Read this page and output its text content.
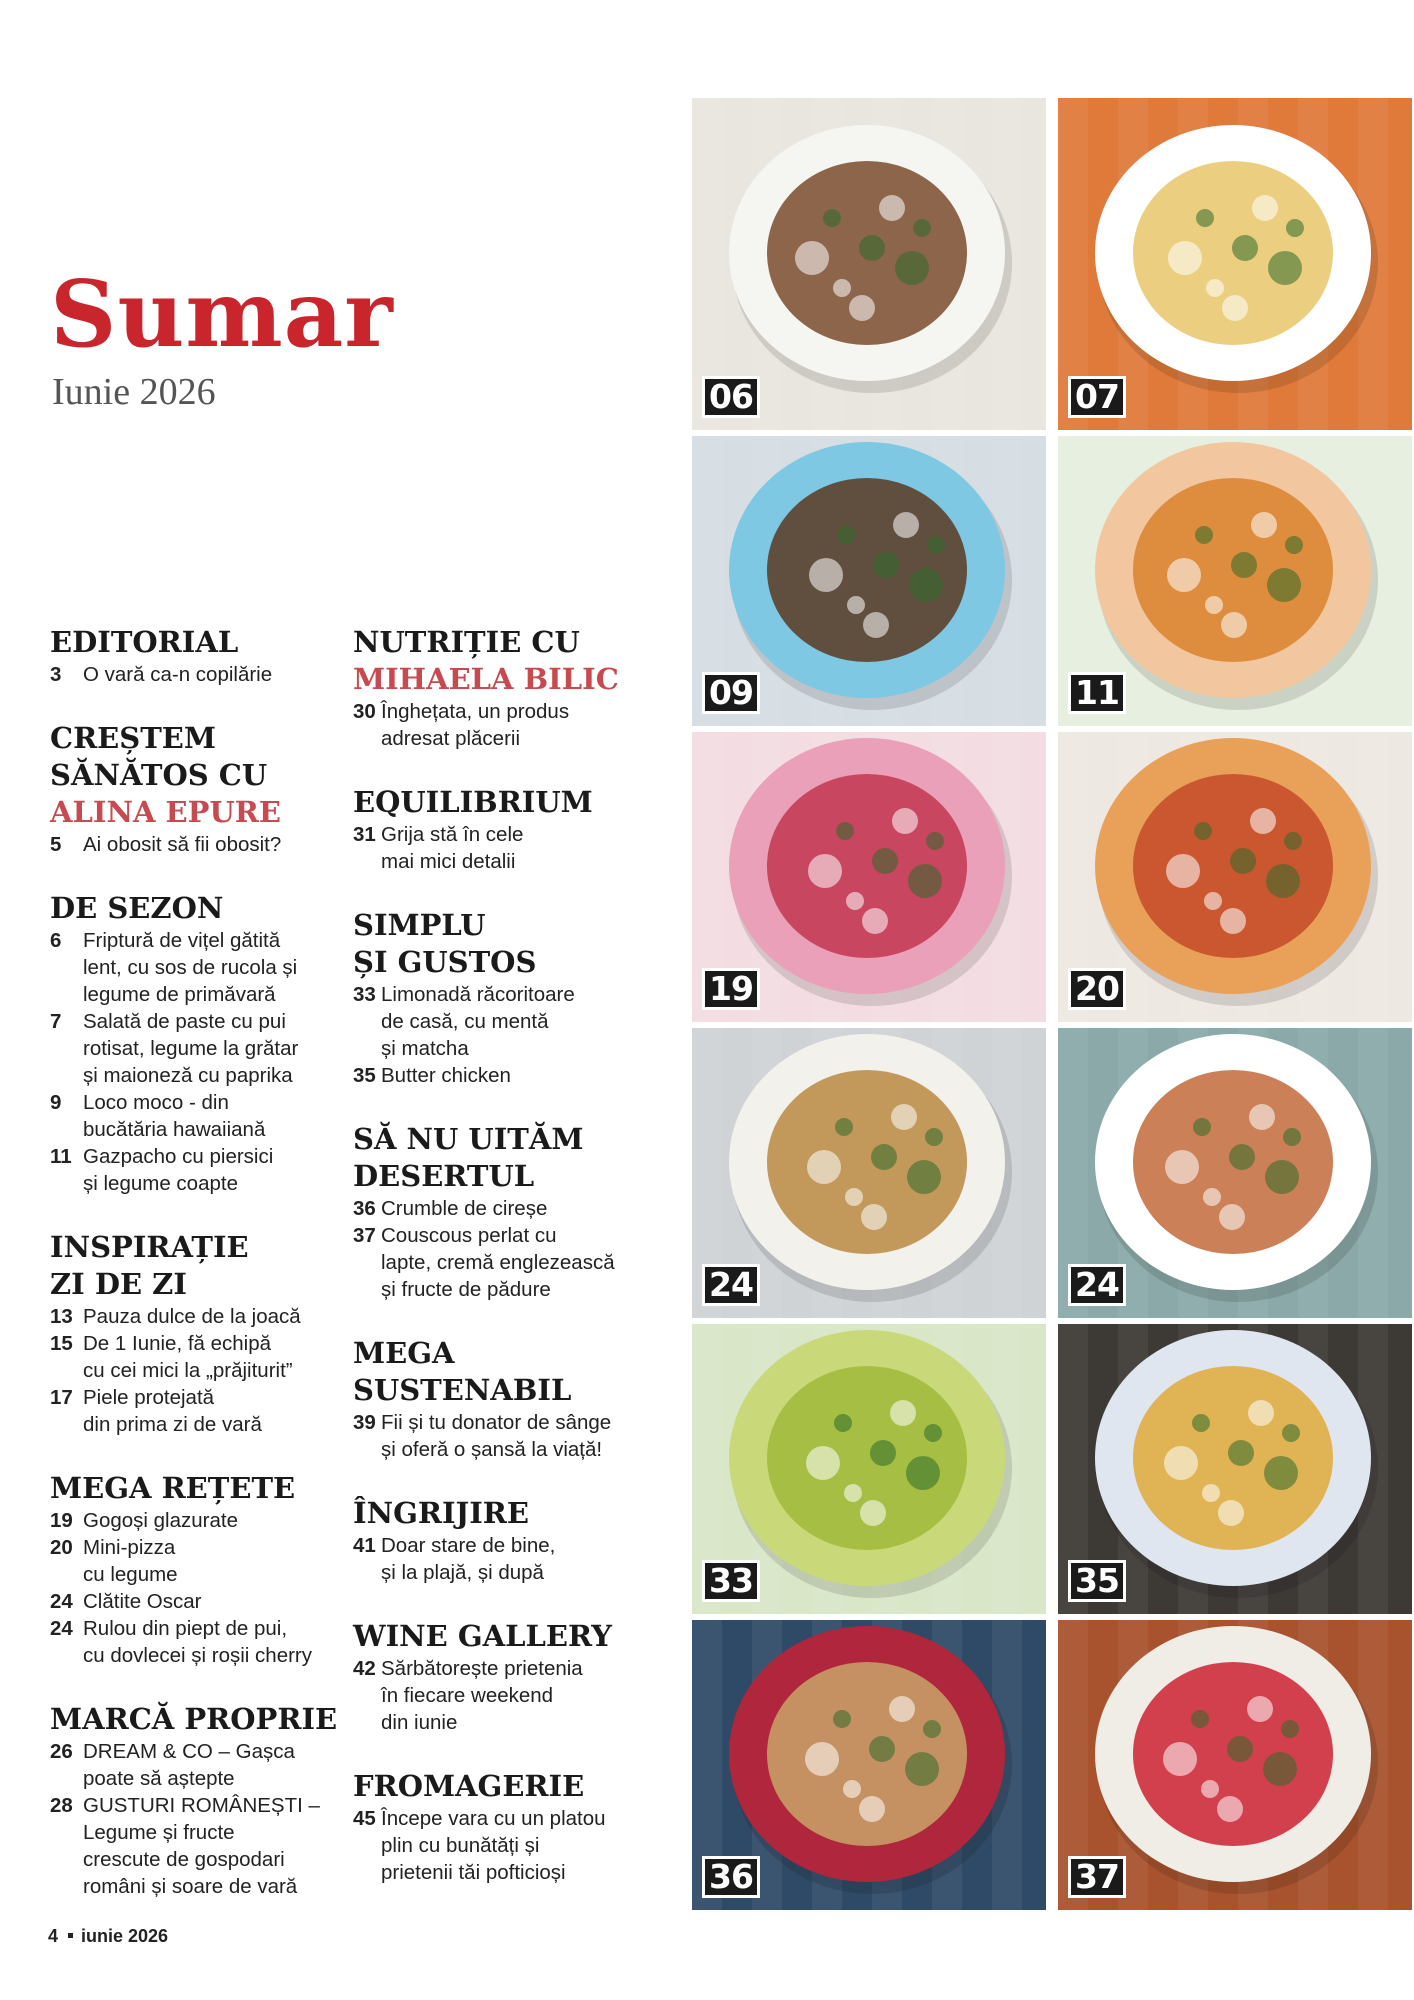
Sumar
Iunie 2026
EDITORIAL
3	O vară ca-n copilărie
CREȘTEM
SĂNĂTOS CU
ALINA EPURE
5	Ai obosit să fii obosit?
DE SEZON
6	Friptură de vițel gătită
lent, cu sos de rucola și
legume de primăvară
7	Salată de paste cu pui
rotisat, legume la grătar
și maioneză cu paprika
9	Loco moco - din
bucătăria hawaiiană
11 Gazpacho cu piersici
și legume coapte
INSPIRAȚIE
ZI DE ZI
13 Pauza dulce de la joacă
15 De 1 Iunie, fă echipă
cu cei mici la „prăjiturit”
17 Piele protejată
din prima zi de vară
MEGA REȚETE
19 Gogoși glazurate
20 Mini-pizza
cu legume
24 Clătite Oscar
24 Rulou din piept de pui,
cu dovlecei și roșii cherry
MARCĂ PROPRIE
26 DREAM & CO – Gașca
poate să aștepte
28 GUSTURI ROMÂNEȘTI –
Legume și fructe
crescute de gospodari
români și soare de vară
NUTRIȚIE CU
MIHAELA BILIC
30 Înghețata, un produs
adresat plăcerii
EQUILIBRIUM
31 Grija stă în cele
mai mici detalii
SIMPLU
ȘI GUSTOS
33 Limonadă răcoritoare
de casă, cu mentă
și matcha
35 Butter chicken
SĂ NU UITĂM
DESERTUL
36 Crumble de cireșe
37 Couscous perlat cu
lapte, cremă englezească
și fructe de pădure
MEGA
SUSTENABIL
39 Fii și tu donator de sânge
și oferă o șansă la viață!
ÎNGRIJIRE
41 Doar stare de bine,
și la plajă, și după
WINE GALLERY
42 Sărbătorește prietenia
în fiecare weekend
din iunie
FROMAGERIE
45 Începe vara cu un platou
plin cu bunătăți și
prietenii tăi pofticioși
06	07
09	11
19	20
24	24
33	35
36	37
4 iunie 2026
